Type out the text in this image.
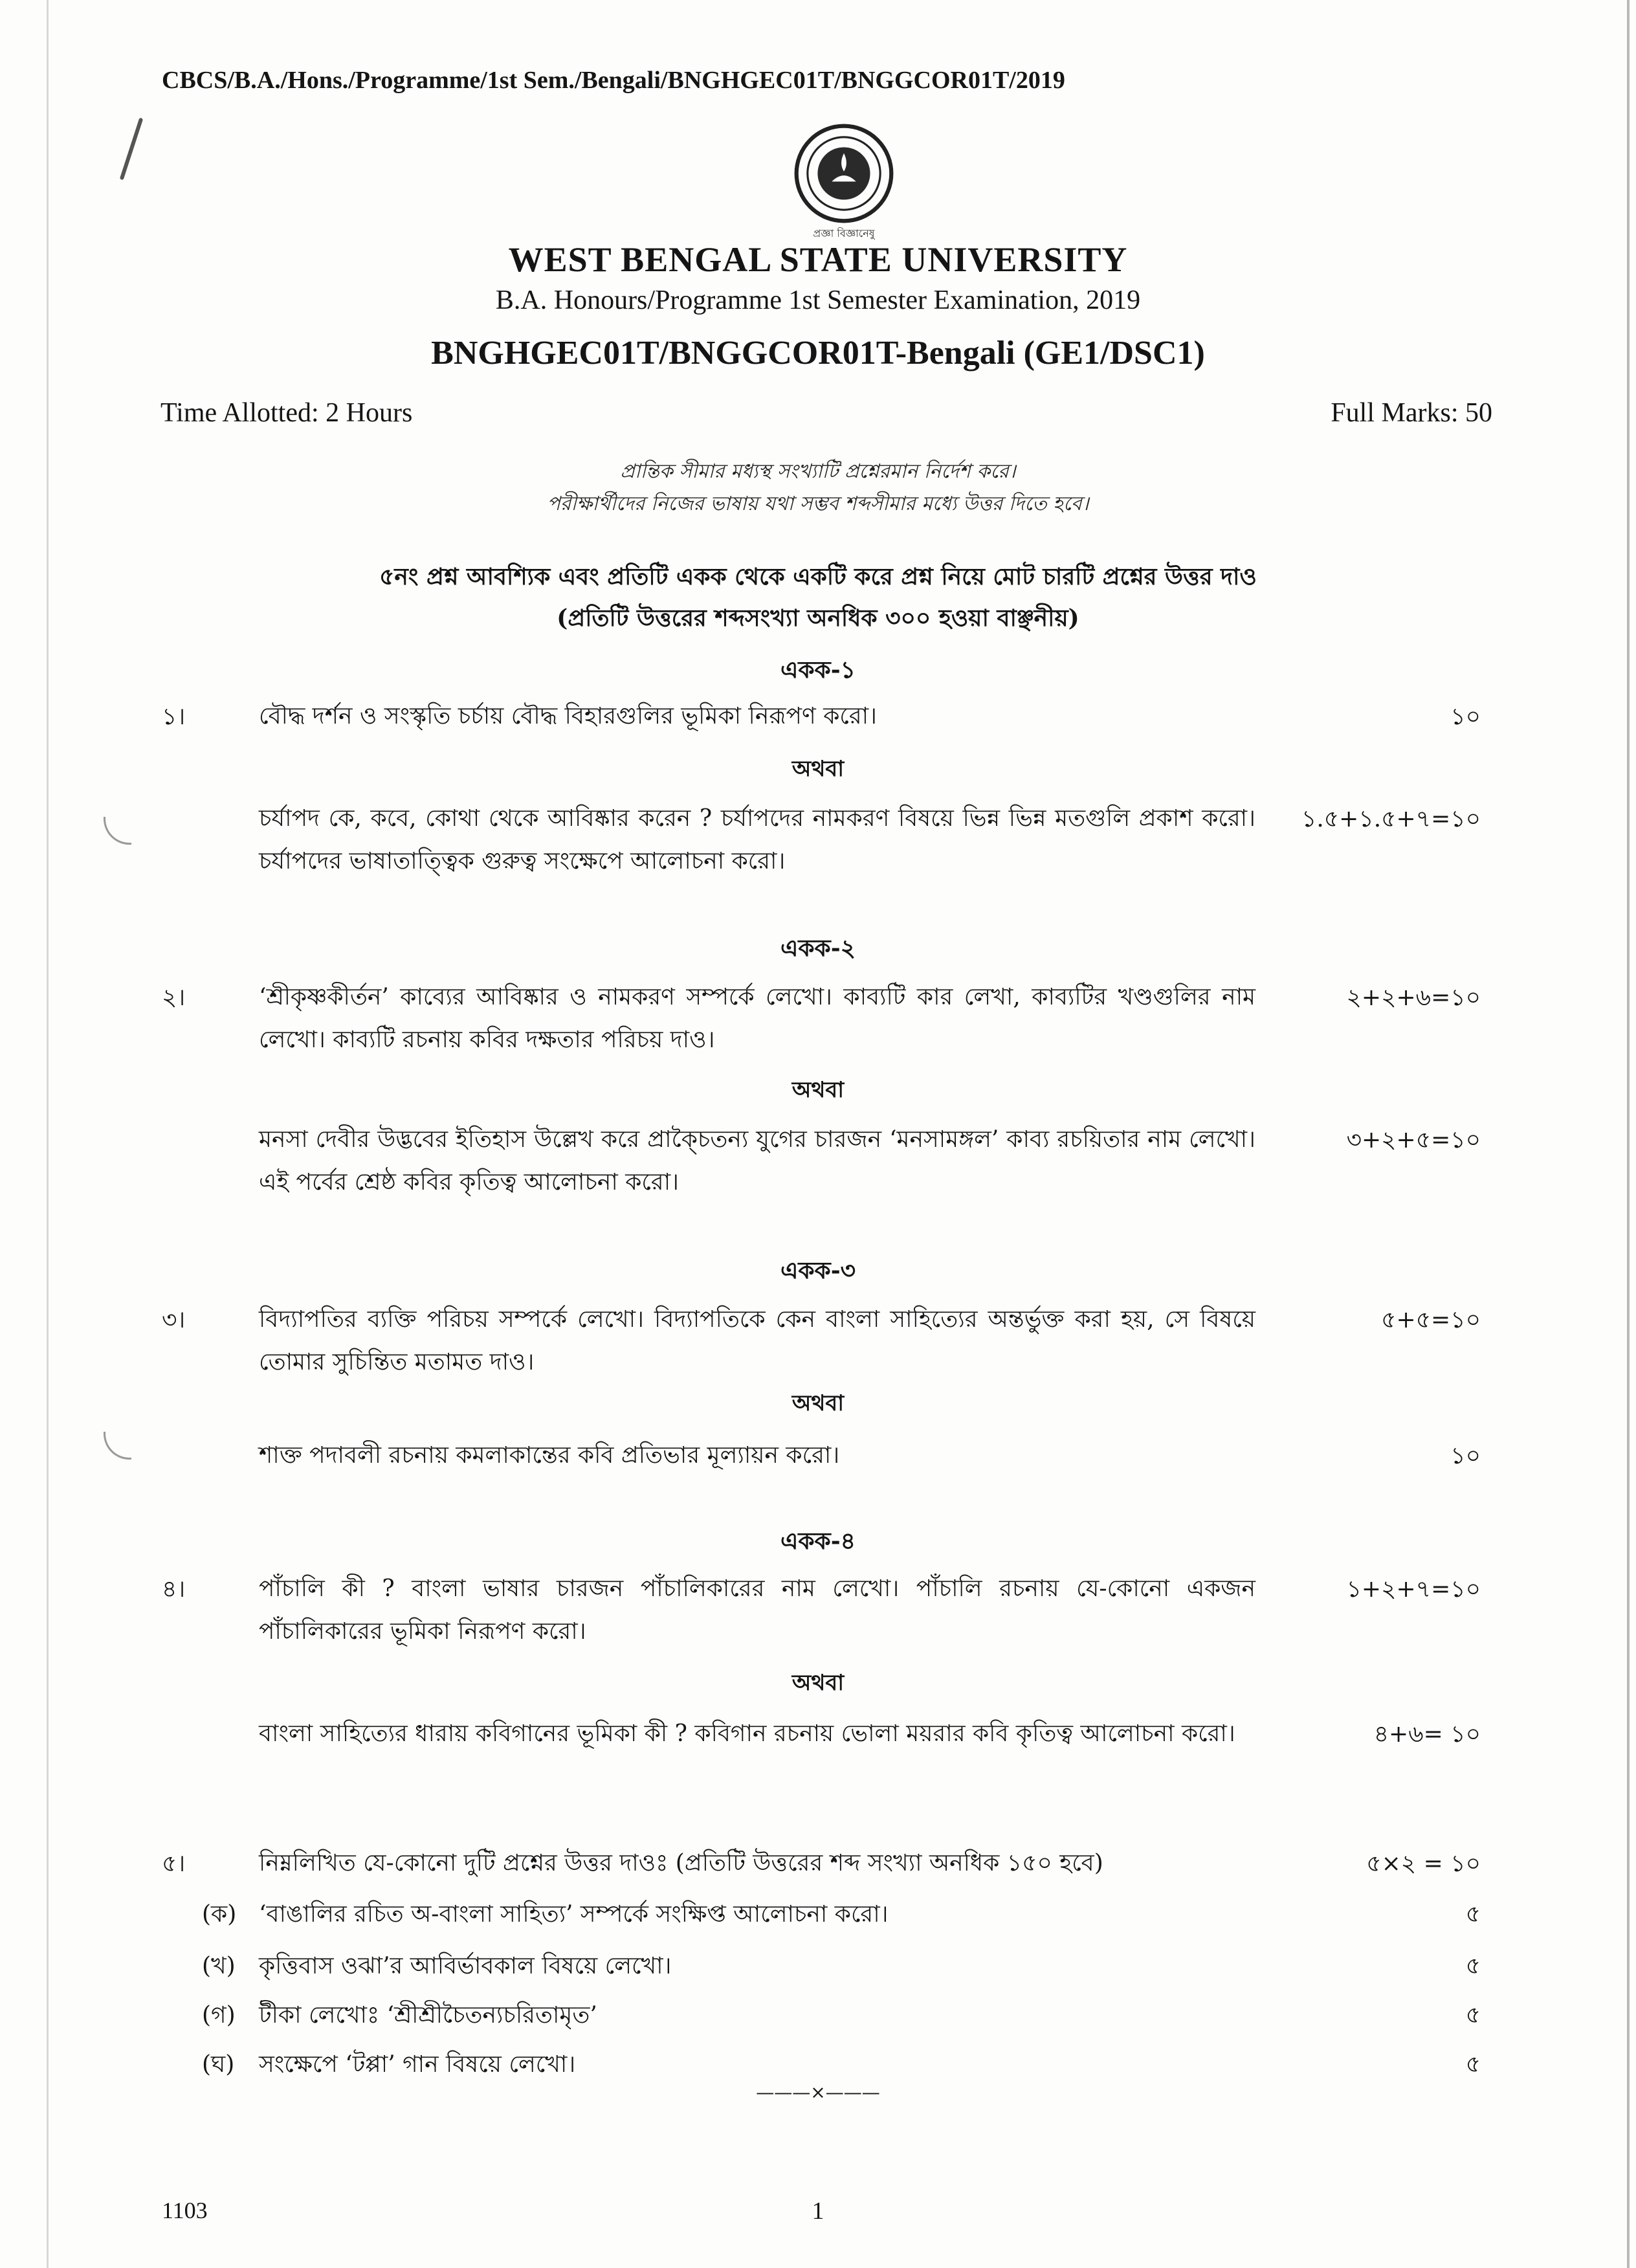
CBCS/B.A./Hons./Programme/1st Sem./Bengali/BNGHGEC01T/BNGGCOR01T/2019
প্রজ্ঞা বিজ্ঞানেষু
WEST BENGAL STATE UNIVERSITY
B.A. Honours/Programme 1st Semester Examination, 2019
BNGHGEC01T/BNGGCOR01T-Bengali (GE1/DSC1)
Time Allotted: 2 Hours	Full Marks: 50
প্রান্তিক সীমার মধ্যস্থ সংখ্যাটি প্রশ্নেরমান নির্দেশ করে।
পরীক্ষার্থীদের নিজের ভাষায় যথা সম্ভব শব্দসীমার মধ্যে উত্তর দিতে হবে।
৫নং প্রশ্ন আবশ্যিক এবং প্রতিটি একক থেকে একটি করে প্রশ্ন নিয়ে মোট চারটি প্রশ্নের উত্তর দাও
(প্রতিটি উত্তরের শব্দসংখ্যা অনধিক ৩০০ হওয়া বাঞ্ছনীয়)
একক-১
১।	বৌদ্ধ দর্শন ও সংস্কৃতি চর্চায় বৌদ্ধ বিহারগুলির ভূমিকা নিরূপণ করো।	১০
অথবা
চর্যাপদ কে, কবে, কোথা থেকে আবিষ্কার করেন ? চর্যাপদের নামকরণ বিষয়ে ভিন্ন ভিন্ন মতগুলি প্রকাশ করো। চর্যাপদের ভাষাতাত্ত্বিক গুরুত্ব সংক্ষেপে আলোচনা করো।
১.৫+১.৫+৭=১০
একক-২
২।	‘শ্রীকৃষ্ণকীর্তন’ কাব্যের আবিষ্কার ও নামকরণ সম্পর্কে লেখো। কাব্যটি কার লেখা, কাব্যটির খণ্ডগুলির নাম লেখো। কাব্যটি রচনায় কবির দক্ষতার পরিচয় দাও।
২+২+৬=১০
অথবা
মনসা দেবীর উদ্ভবের ইতিহাস উল্লেখ করে প্রাক্চৈতন্য যুগের চারজন ‘মনসামঙ্গল’ কাব্য রচয়িতার নাম লেখো। এই পর্বের শ্রেষ্ঠ কবির কৃতিত্ব আলোচনা করো।
৩+২+৫=১০
একক-৩
৩।	বিদ্যাপতির ব্যক্তি পরিচয় সম্পর্কে লেখো। বিদ্যাপতিকে কেন বাংলা সাহিত্যের অন্তর্ভুক্ত করা হয়, সে বিষয়ে তোমার সুচিন্তিত মতামত দাও।
৫+৫=১০
অথবা
শাক্ত পদাবলী রচনায় কমলাকান্তের কবি প্রতিভার মূল্যায়ন করো।	১০
একক-৪
৪।	পাঁচালি কী ? বাংলা ভাষার চারজন পাঁচালিকারের নাম লেখো। পাঁচালি রচনায় যে-কোনো একজন পাঁচালিকারের ভূমিকা নিরূপণ করো।
১+২+৭=১০
অথবা
বাংলা সাহিত্যের ধারায় কবিগানের ভূমিকা কী ? কবিগান রচনায় ভোলা ময়রার কবি কৃতিত্ব আলোচনা করো।	৪+৬= ১০
৫।	নিম্নলিখিত যে-কোনো দুটি প্রশ্নের উত্তর দাওঃ (প্রতিটি উত্তরের শব্দ সংখ্যা অনধিক ১৫০ হবে)	৫×২ = ১০
(ক) ‘বাঙালির রচিত অ-বাংলা সাহিত্য’ সম্পর্কে সংক্ষিপ্ত আলোচনা করো।	৫
(খ) কৃত্তিবাস ওঝা’র আবির্ভাবকাল বিষয়ে লেখো।	৫
(গ) টীকা লেখোঃ ‘শ্রীশ্রীচৈতন্যচরিতামৃত’	৫
(ঘ) সংক্ষেপে ‘টপ্পা’ গান বিষয়ে লেখো।	৫
———×———
1103	1
